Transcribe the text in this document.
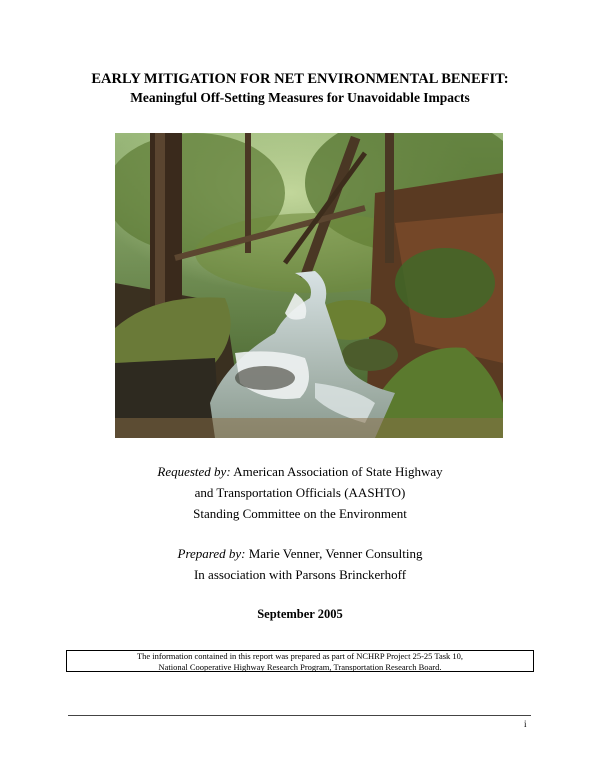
EARLY MITIGATION FOR NET ENVIRONMENTAL BENEFIT:
Meaningful Off-Setting Measures for Unavoidable Impacts
Requested by: American Association of State Highway
and Transportation Officials (AASHTO)
Standing Committee on the Environment
Prepared by: Marie Venner, Venner Consulting
In association with Parsons Brinckerhoff
September 2005
The information contained in this report was prepared as part of NCHRP Project 25-25 Task 10,
National Cooperative Highway Research Program, Transportation Research Board.
i
